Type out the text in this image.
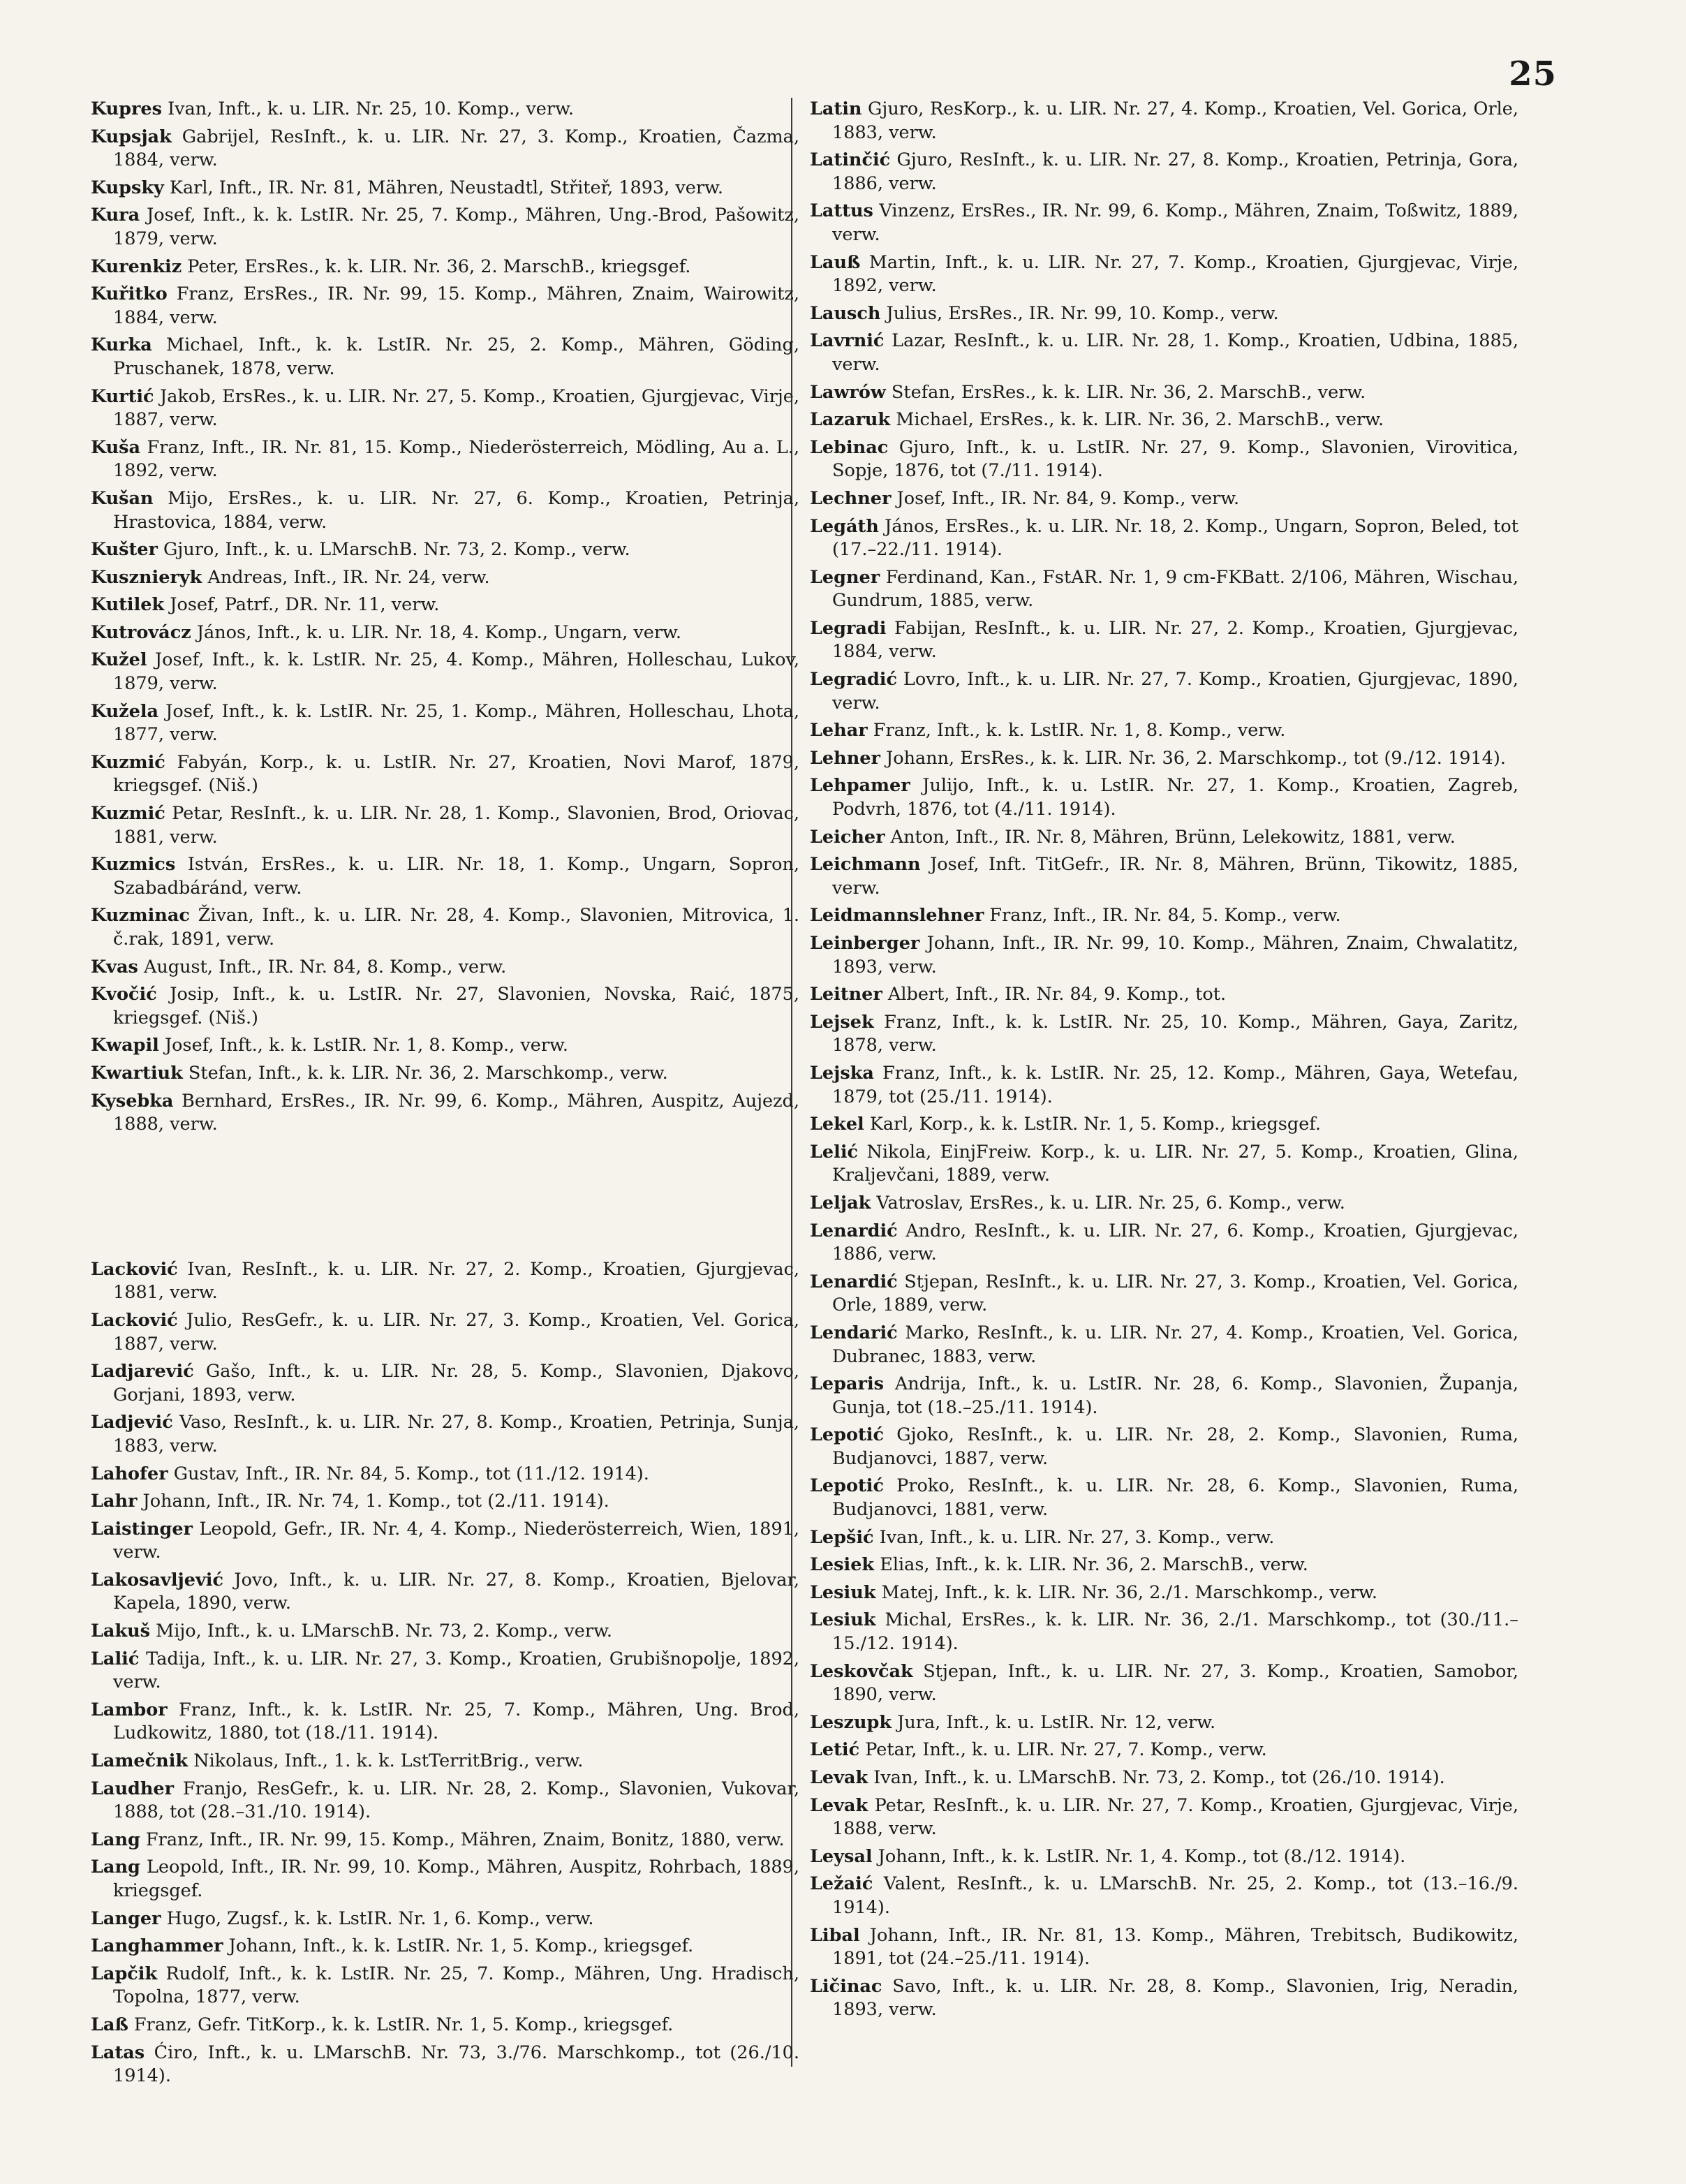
25

Kupres Ivan, Inft., k. u. LIR. Nr. 25, 10. Komp., verw.

Kupsjak Gabrijel, ResInft., k. u. LIR. Nr. 27, 3. Komp., Kroatien, Čazma, 1884, verw.

Kupsky Karl, Inft., IR. Nr. 81, Mähren, Neustadtl, Střiteř, 1893, verw.

Kura Josef, Inft., k. k. LstIR. Nr. 25, 7. Komp., Mähren, Ung.-Brod, Pašowitz, 1879, verw.

Kurenkiz Peter, ErsRes., k. k. LIR. Nr. 36, 2. MarschB., kriegsgef.

Kuřitko Franz, ErsRes., IR. Nr. 99, 15. Komp., Mähren, Znaim, Wairowitz, 1884, verw.

Kurka Michael, Inft., k. k. LstIR. Nr. 25, 2. Komp., Mähren, Göding, Pruschanek, 1878, verw.

Kurtić Jakob, ErsRes., k. u. LIR. Nr. 27, 5. Komp., Kroatien, Gjurgjevac, Virje, 1887, verw.

Kuša Franz, Inft., IR. Nr. 81, 15. Komp., Niederösterreich, Mödling, Au a. L., 1892, verw.

Kušan Mijo, ErsRes., k. u. LIR. Nr. 27, 6. Komp., Kroatien, Petrinja, Hrastovica, 1884, verw.

Kušter Gjuro, Inft., k. u. LMarschB. Nr. 73, 2. Komp., verw.

Kusznieryk Andreas, Inft., IR. Nr. 24, verw.

Kutilek Josef, Patrf., DR. Nr. 11, verw.

Kutrovácz János, Inft., k. u. LIR. Nr. 18, 4. Komp., Ungarn, verw.

Kužel Josef, Inft., k. k. LstIR. Nr. 25, 4. Komp., Mähren, Holleschau, Lukov, 1879, verw.

Kužela Josef, Inft., k. k. LstIR. Nr. 25, 1. Komp., Mähren, Holleschau, Lhota, 1877, verw.

Kuzmić Fabyán, Korp., k. u. LstIR. Nr. 27, Kroatien, Novi Marof, 1879, kriegsgef. (Niš.)

Kuzmić Petar, ResInft., k. u. LIR. Nr. 28, 1. Komp., Slavonien, Brod, Oriovac, 1881, verw.

Kuzmics István, ErsRes., k. u. LIR. Nr. 18, 1. Komp., Ungarn, Sopron, Szabadbáránd, verw.

Kuzminac Živan, Inft., k. u. LIR. Nr. 28, 4. Komp., Slavonien, Mitrovica, 1. č.rak, 1891, verw.

Kvas August, Inft., IR. Nr. 84, 8. Komp., verw.

Kvočić Josip, Inft., k. u. LstIR. Nr. 27, Slavonien, Novska, Raić, 1875, kriegsgef. (Niš.)

Kwapil Josef, Inft., k. k. LstIR. Nr. 1, 8. Komp., verw.

Kwartiuk Stefan, Inft., k. k. LIR. Nr. 36, 2. Marschkomp., verw.

Kysebka Bernhard, ErsRes., IR. Nr. 99, 6. Komp., Mähren, Auspitz, Aujezd, 1888, verw.

Lacković Ivan, ResInft., k. u. LIR. Nr. 27, 2. Komp., Kroatien, Gjurgjevac, 1881, verw.

Lacković Julio, ResGefr., k. u. LIR. Nr. 27, 3. Komp., Kroatien, Vel. Gorica, 1887, verw.

Ladjarević Gašo, Inft., k. u. LIR. Nr. 28, 5. Komp., Slavonien, Djakovo, Gorjani, 1893, verw.

Ladjević Vaso, ResInft., k. u. LIR. Nr. 27, 8. Komp., Kroatien, Petrinja, Sunja, 1883, verw.

Lahofer Gustav, Inft., IR. Nr. 84, 5. Komp., tot (11./12. 1914).

Lahr Johann, Inft., IR. Nr. 74, 1. Komp., tot (2./11. 1914).

Laistinger Leopold, Gefr., IR. Nr. 4, 4. Komp., Niederösterreich, Wien, 1891, verw.

Lakosavljević Jovo, Inft., k. u. LIR. Nr. 27, 8. Komp., Kroatien, Bjelovar, Kapela, 1890, verw.

Lakuš Mijo, Inft., k. u. LMarschB. Nr. 73, 2. Komp., verw.

Lalić Tadija, Inft., k. u. LIR. Nr. 27, 3. Komp., Kroatien, Grubišnopolje, 1892, verw.

Lambor Franz, Inft., k. k. LstIR. Nr. 25, 7. Komp., Mähren, Ung. Brod, Ludkowitz, 1880, tot (18./11. 1914).

Lamečnik Nikolaus, Inft., 1. k. k. LstTerritBrig., verw.

Laudher Franjo, ResGefr., k. u. LIR. Nr. 28, 2. Komp., Slavonien, Vukovar, 1888, tot (28.–31./10. 1914).

Lang Franz, Inft., IR. Nr. 99, 15. Komp., Mähren, Znaim, Bonitz, 1880, verw.

Lang Leopold, Inft., IR. Nr. 99, 10. Komp., Mähren, Auspitz, Rohrbach, 1889, kriegsgef.

Langer Hugo, Zugsf., k. k. LstIR. Nr. 1, 6. Komp., verw.

Langhammer Johann, Inft., k. k. LstIR. Nr. 1, 5. Komp., kriegsgef.

Lapčik Rudolf, Inft., k. k. LstIR. Nr. 25, 7. Komp., Mähren, Ung. Hradisch, Topolna, 1877, verw.

Laß Franz, Gefr. TitKorp., k. k. LstIR. Nr. 1, 5. Komp., kriegsgef.

Latas Ćiro, Inft., k. u. LMarschB. Nr. 73, 3./76. Marschkomp., tot (26./10. 1914).

Latin Gjuro, ResKorp., k. u. LIR. Nr. 27, 4. Komp., Kroatien, Vel. Gorica, Orle, 1883, verw.

Latinčić Gjuro, ResInft., k. u. LIR. Nr. 27, 8. Komp., Kroatien, Petrinja, Gora, 1886, verw.

Lattus Vinzenz, ErsRes., IR. Nr. 99, 6. Komp., Mähren, Znaim, Toßwitz, 1889, verw.

Lauß Martin, Inft., k. u. LIR. Nr. 27, 7. Komp., Kroatien, Gjurgjevac, Virje, 1892, verw.

Lausch Julius, ErsRes., IR. Nr. 99, 10. Komp., verw.

Lavrnić Lazar, ResInft., k. u. LIR. Nr. 28, 1. Komp., Kroatien, Udbina, 1885, verw.

Lawrów Stefan, ErsRes., k. k. LIR. Nr. 36, 2. MarschB., verw.

Lazaruk Michael, ErsRes., k. k. LIR. Nr. 36, 2. MarschB., verw.

Lebinac Gjuro, Inft., k. u. LstIR. Nr. 27, 9. Komp., Slavonien, Virovitica, Sopje, 1876, tot (7./11. 1914).

Lechner Josef, Inft., IR. Nr. 84, 9. Komp., verw.

Legáth János, ErsRes., k. u. LIR. Nr. 18, 2. Komp., Ungarn, Sopron, Beled, tot (17.–22./11. 1914).

Legner Ferdinand, Kan., FstAR. Nr. 1, 9 cm-FKBatt. 2/106, Mähren, Wischau, Gundrum, 1885, verw.

Legradi Fabijan, ResInft., k. u. LIR. Nr. 27, 2. Komp., Kroatien, Gjurgjevac, 1884, verw.

Legradić Lovro, Inft., k. u. LIR. Nr. 27, 7. Komp., Kroatien, Gjurgjevac, 1890, verw.

Lehar Franz, Inft., k. k. LstIR. Nr. 1, 8. Komp., verw.

Lehner Johann, ErsRes., k. k. LIR. Nr. 36, 2. Marschkomp., tot (9./12. 1914).

Lehpamer Julijo, Inft., k. u. LstIR. Nr. 27, 1. Komp., Kroatien, Zagreb, Podvrh, 1876, tot (4./11. 1914).

Leicher Anton, Inft., IR. Nr. 8, Mähren, Brünn, Lelekowitz, 1881, verw.

Leichmann Josef, Inft. TitGefr., IR. Nr. 8, Mähren, Brünn, Tikowitz, 1885, verw.

Leidmannslehner Franz, Inft., IR. Nr. 84, 5. Komp., verw.

Leinberger Johann, Inft., IR. Nr. 99, 10. Komp., Mähren, Znaim, Chwalatitz, 1893, verw.

Leitner Albert, Inft., IR. Nr. 84, 9. Komp., tot.

Lejsek Franz, Inft., k. k. LstIR. Nr. 25, 10. Komp., Mähren, Gaya, Zaritz, 1878, verw.

Lejska Franz, Inft., k. k. LstIR. Nr. 25, 12. Komp., Mähren, Gaya, Wetefau, 1879, tot (25./11. 1914).

Lekel Karl, Korp., k. k. LstIR. Nr. 1, 5. Komp., kriegsgef.

Lelić Nikola, EinjFreiw. Korp., k. u. LIR. Nr. 27, 5. Komp., Kroatien, Glina, Kraljevčani, 1889, verw.

Leljak Vatroslav, ErsRes., k. u. LIR. Nr. 25, 6. Komp., verw.

Lenardić Andro, ResInft., k. u. LIR. Nr. 27, 6. Komp., Kroatien, Gjurgjevac, 1886, verw.

Lenardić Stjepan, ResInft., k. u. LIR. Nr. 27, 3. Komp., Kroatien, Vel. Gorica, Orle, 1889, verw.

Lendarić Marko, ResInft., k. u. LIR. Nr. 27, 4. Komp., Kroatien, Vel. Gorica, Dubranec, 1883, verw.

Leparis Andrija, Inft., k. u. LstIR. Nr. 28, 6. Komp., Slavonien, Županja, Gunja, tot (18.–25./11. 1914).

Lepotić Gjoko, ResInft., k. u. LIR. Nr. 28, 2. Komp., Slavonien, Ruma, Budjanovci, 1887, verw.

Lepotić Proko, ResInft., k. u. LIR. Nr. 28, 6. Komp., Slavonien, Ruma, Budjanovci, 1881, verw.

Lepšić Ivan, Inft., k. u. LIR. Nr. 27, 3. Komp., verw.

Lesiek Elias, Inft., k. k. LIR. Nr. 36, 2. MarschB., verw.

Lesiuk Matej, Inft., k. k. LIR. Nr. 36, 2./1. Marschkomp., verw.

Lesiuk Michal, ErsRes., k. k. LIR. Nr. 36, 2./1. Marschkomp., tot (30./11.–15./12. 1914).

Leskovčak Stjepan, Inft., k. u. LIR. Nr. 27, 3. Komp., Kroatien, Samobor, 1890, verw.

Leszupk Jura, Inft., k. u. LstIR. Nr. 12, verw.

Letić Petar, Inft., k. u. LIR. Nr. 27, 7. Komp., verw.

Levak Ivan, Inft., k. u. LMarschB. Nr. 73, 2. Komp., tot (26./10. 1914).

Levak Petar, ResInft., k. u. LIR. Nr. 27, 7. Komp., Kroatien, Gjurgjevac, Virje, 1888, verw.

Leysal Johann, Inft., k. k. LstIR. Nr. 1, 4. Komp., tot (8./12. 1914).

Ležaić Valent, ResInft., k. u. LMarschB. Nr. 25, 2. Komp., tot (13.–16./9. 1914).

Libal Johann, Inft., IR. Nr. 81, 13. Komp., Mähren, Trebitsch, Budikowitz, 1891, tot (24.–25./11. 1914).

Ličinac Savo, Inft., k. u. LIR. Nr. 28, 8. Komp., Slavonien, Irig, Neradin, 1893, verw.
